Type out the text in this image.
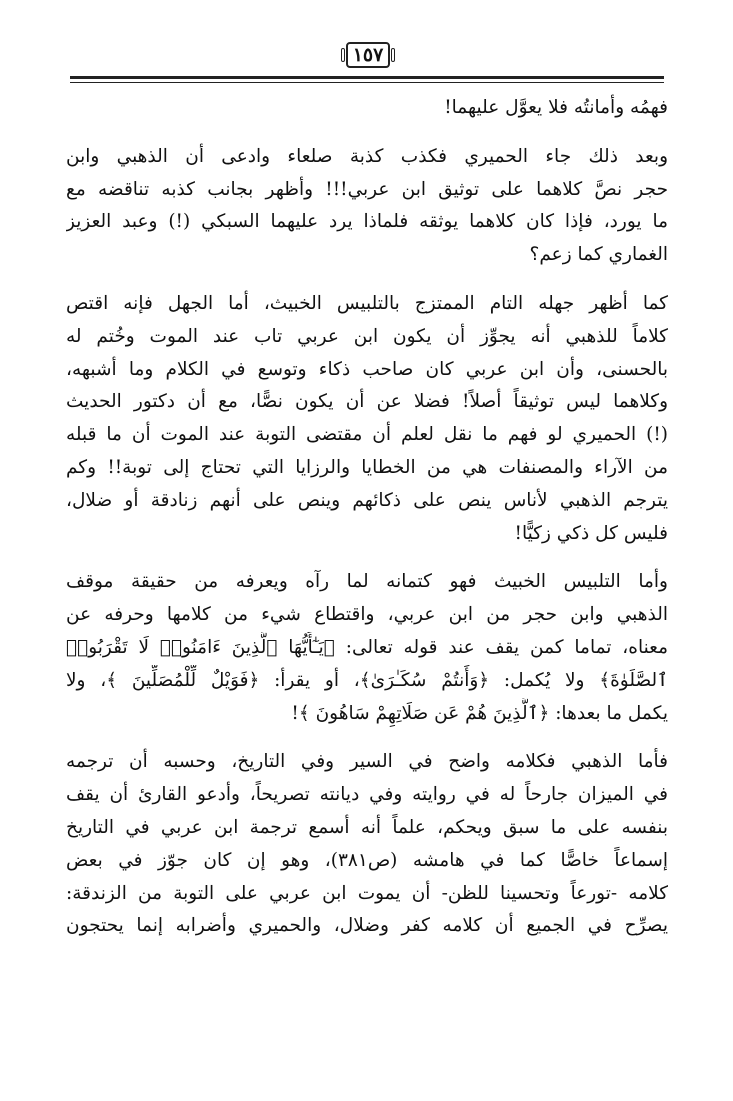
١٥٧

فهمُه وأمانتُه فلا يعوَّل عليهما!

وبعد ذلك جاء الحميري فكذب كذبة صلعاء وادعى أن الذهبي وابن
حجر نصَّ كلاهما على توثيق ابن عربي!!! وأظهر بجانب كذبه تناقضه مع
ما يورد، فإذا كان كلاهما يوثقه فلماذا يرد عليهما السبكي (!) وعبد العزيز
الغماري كما زعم؟

كما أظهر جهله التام الممتزج بالتلبيس الخبيث، أما الجهل فإنه اقتص
كلاماً للذهبي أنه يجوِّز أن يكون ابن عربي تاب عند الموت وخُتم له
بالحسنى، وأن ابن عربي كان صاحب ذكاء وتوسع في الكلام وما أشبهه،
وكلاهما ليس توثيقاً أصلاً! فضلا عن أن يكون نصًّا، مع أن دكتور الحديث
(!) الحميري لو فهم ما نقل لعلم أن مقتضى التوبة عند الموت أن ما قبله
من الآراء والمصنفات هي من الخطايا والرزايا التي تحتاج إلى توبة!! وكم
يترجم الذهبي لأناس ينص على ذكائهم وينص على أنهم زنادقة أو ضلال،
فليس كل ذكي زكيًّا!

وأما التلبيس الخبيث فهو كتمانه لما رآه ويعرفه من حقيقة موقف
الذهبي وابن حجر من ابن عربي، واقتطاع شيء من كلامها وحرفه عن
معناه، تماما كمن يقف عند قوله تعالى: ﴿يَـٰٓأَيُّهَا ٱلَّذِينَ ءَامَنُوا۟ لَا تَقْرَبُوا۟
ٱلصَّلَوٰةَ﴾ ولا يُكمل: ﴿وَأَنتُمْ سُكَـٰرَىٰ﴾، أو يقرأ: ﴿فَوَيْلٌ لِّلْمُصَلِّينَ ﴾، ولا
يكمل ما بعدها: ﴿ٱلَّذِينَ هُمْ عَن صَلَاتِهِمْ سَاهُونَ ﴾!

فأما الذهبي فكلامه واضح في السير وفي التاريخ، وحسبه أن ترجمه
في الميزان جارحاً له في روايته وفي ديانته تصريحاً، وأدعو القارئ أن يقف
بنفسه على ما سبق ويحكم، علماً أنه أسمع ترجمة ابن عربي في التاريخ
إسماعاً خاصًّا كما في هامشه (ص٣٨١)، وهو إن كان جوّز في بعض
كلامه -تورعاً وتحسينا للظن- أن يموت ابن عربي على التوبة من الزندقة:
يصرِّح في الجميع أن كلامه كفر وضلال، والحميري وأضرابه إنما يحتجون
